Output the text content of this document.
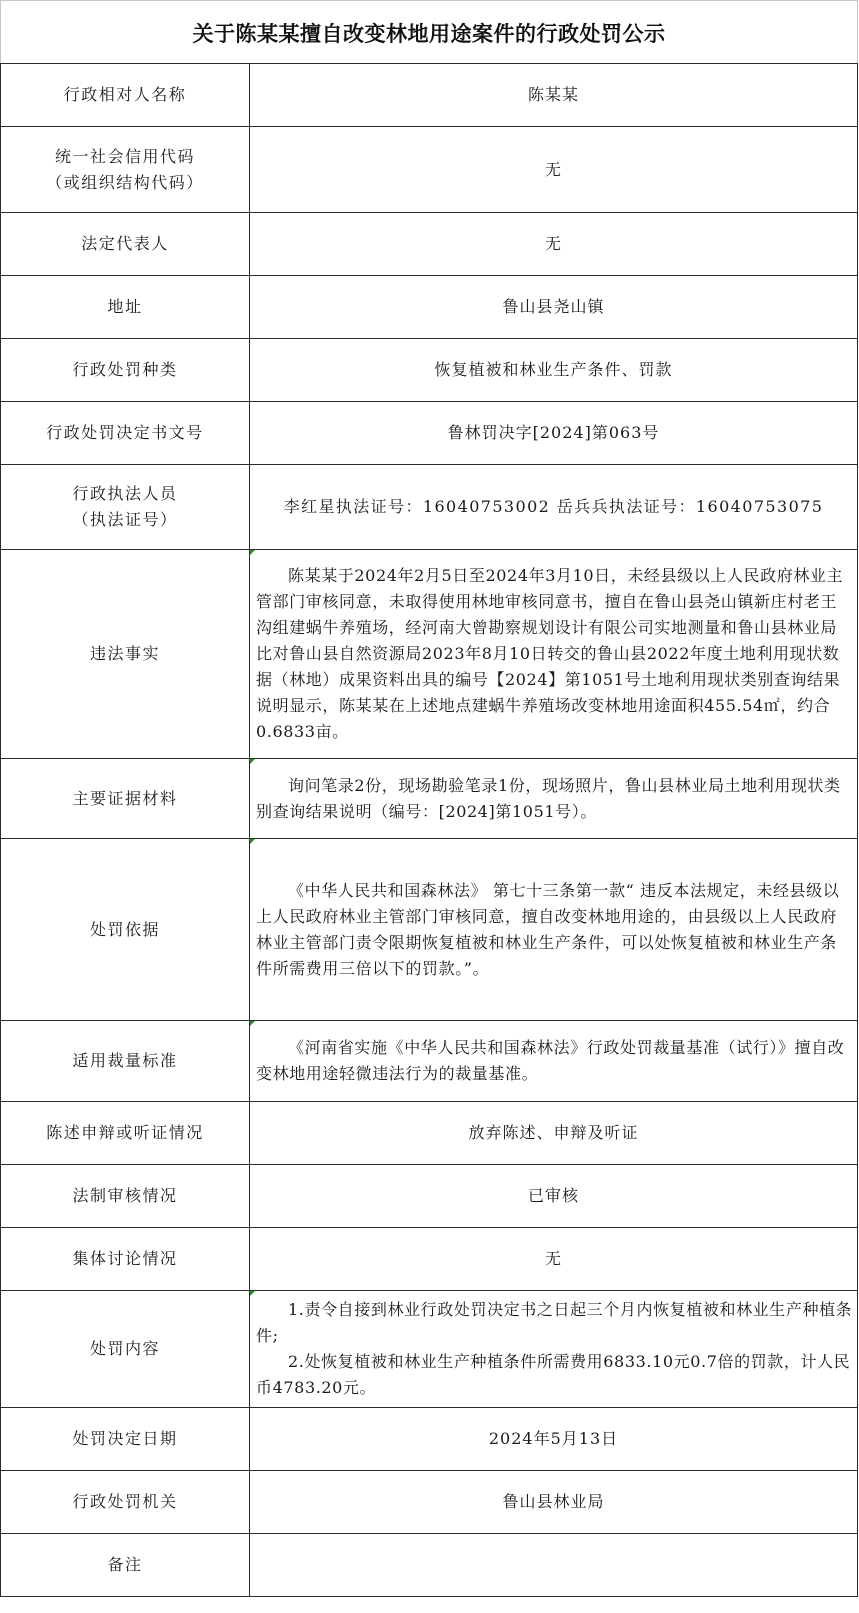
关于陈某某擅自改变林地用途案件的行政处罚公示
行政相对人名称	陈某某

统一社会信用代码
（或组织结构代码）	无
法定代表人	无
地址	鲁山县尧山镇
行政处罚种类	恢复植被和林业生产条件、罚款
行政处罚决定书文号	鲁林罚决字[2024]第063号

行政执法人员
（执法证号）	李红星执法证号：16040753002 岳兵兵执法证号：16040753075
违法事实	陈某某于2024年2月5日至2024年3月10日，未经县级以上人民政府林业主管部门审核同意，未取得使用林地审核同意书，擅自在鲁山县尧山镇新庄村老王沟组建蜗牛养殖场，经河南大曾勘察规划设计有限公司实地测量和鲁山县林业局比对鲁山县自然资源局2023年8月10日转交的鲁山县2022年度土地利用现状数据（林地）成果资料出具的编号【2024】第1051号土地利用现状类别查询结果说明显示，陈某某在上述地点建蜗牛养殖场改变林地用途面积455.54㎡，约合0.6833亩。

主要证据材料	询问笔录2份，现场勘验笔录1份，现场照片，鲁山县林业局土地利用现状类别查询结果说明（编号：[2024]第1051号）。

处罚依据	《中华人民共和国森林法》 第七十三条第一款“ 违反本法规定，未经县级以上人民政府林业主管部门审核同意，擅自改变林地用途的，由县级以上人民政府林业主管部门责令限期恢复植被和林业生产条件，可以处恢复植被和林业生产条件所需费用三倍以下的罚款。”。

适用裁量标准	《河南省实施《中华人民共和国森林法》行政处罚裁量基准（试行）》擅自改变林地用途轻微违法行为的裁量基准。

陈述申辩或听证情况	放弃陈述、申辩及听证
法制审核情况	已审核
集体讨论情况	无
处罚内容	1.责令自接到林业行政处罚决定书之日起三个月内恢复植被和林业生产种植条件;

2.处恢复植被和林业生产种植条件所需费用6833.10元0.7倍的罚款，计人民币4783.20元。

处罚决定日期	2024年5月13日
行政处罚机关	鲁山县林业局
备注	
